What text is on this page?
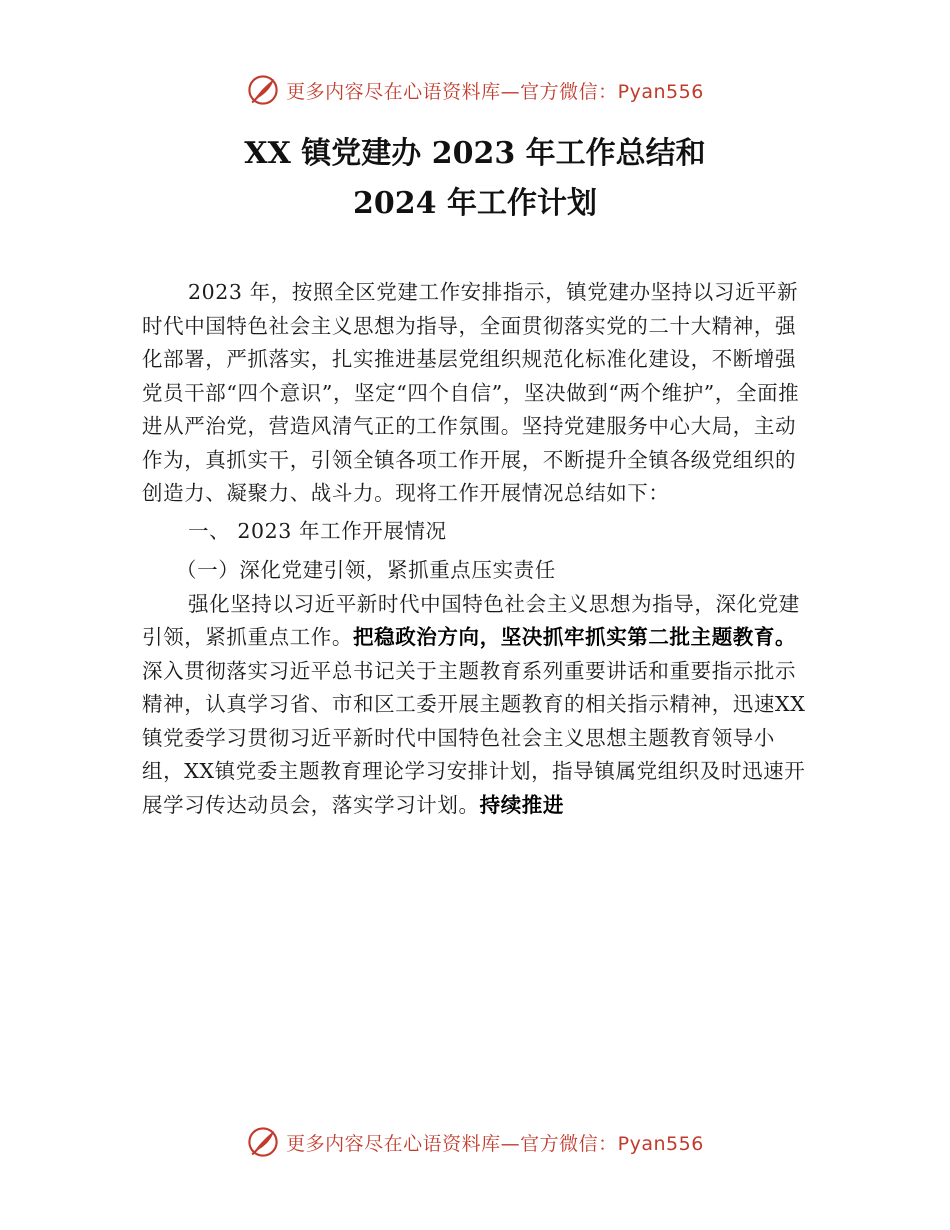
更多内容尽在心语资料库—官方微信：Pyan556
XX 镇党建办 2023 年工作总结和
2024 年工作计划

2023 年，按照全区党建工作安排指示，镇党建办坚持以习近平新时代中国特色社会主义思想为指导，全面贯彻落实党的二十大精神，强化部署，严抓落实，扎实推进基层党组织规范化标准化建设，不断增强党员干部“四个意识”，坚定“四个自信”，坚决做到“两个维护”，全面推进从严治党，营造风清气正的工作氛围。坚持党建服务中心大局，主动作为，真抓实干，引领全镇各项工作开展，不断提升全镇各级党组织的创造力、凝聚力、战斗力。现将工作开展情况总结如下：

一、 2023 年工作开展情况

（一）深化党建引领，紧抓重点压实责任

强化坚持以习近平新时代中国特色社会主义思想为指导，深化党建引领，紧抓重点工作。把稳政治方向，坚决抓牢抓实第二批主题教育。深入贯彻落实习近平总书记关于主题教育系列重要讲话和重要指示批示精神，认真学习省、市和区工委开展主题教育的相关指示精神，迅速XX镇党委学习贯彻习近平新时代中国特色社会主义思想主题教育领导小组，XX镇党委主题教育理论学习安排计划，指导镇属党组织及时迅速开展学习传达动员会，落实学习计划。持续推进

更多内容尽在心语资料库—官方微信：Pyan556
